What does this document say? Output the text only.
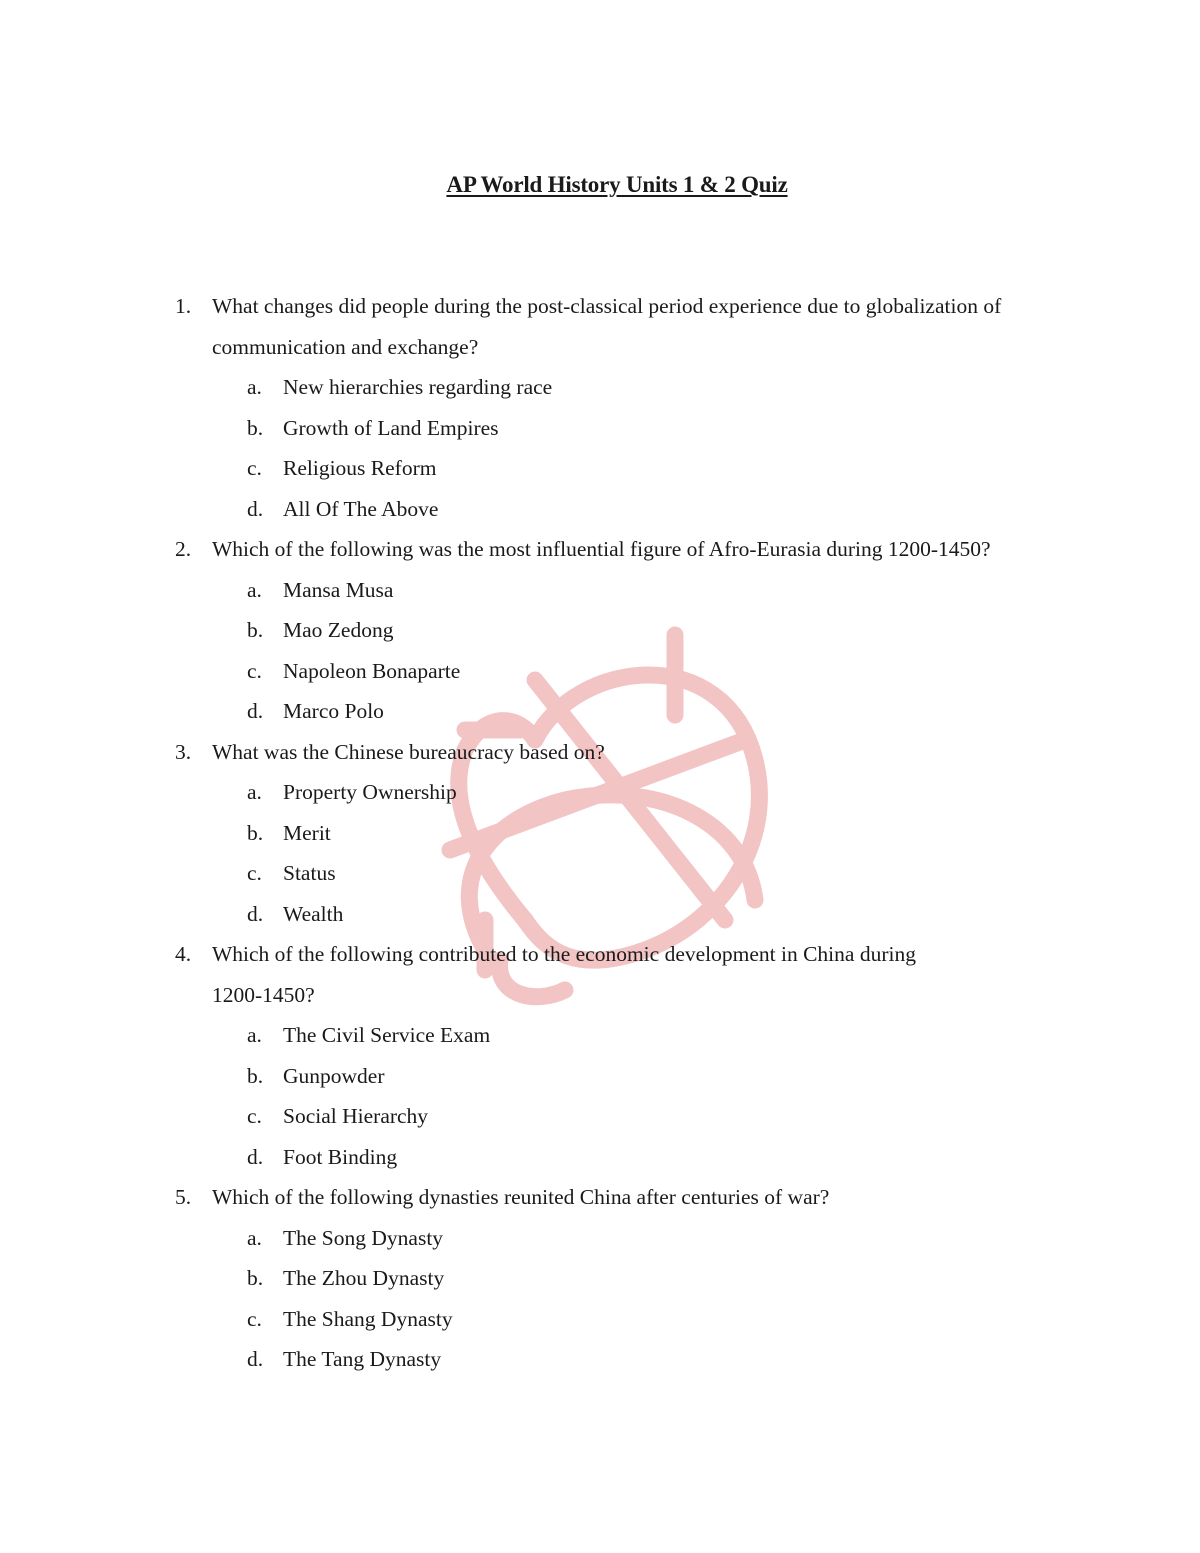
AP World History Units 1 & 2 Quiz
1. What changes did people during the post-classical period experience due to globalization of
communication and exchange?
a. New hierarchies regarding race
b. Growth of Land Empires
c. Religious Reform
d. All Of The Above
2. Which of the following was the most influential figure of Afro-Eurasia during 1200-1450?
a. Mansa Musa
b. Mao Zedong
c. Napoleon Bonaparte
d. Marco Polo
3. What was the Chinese bureaucracy based on?
a. Property Ownership
b. Merit
c. Status
d. Wealth
4. Which of the following contributed to the economic development in China during
1200-1450?
a. The Civil Service Exam
b. Gunpowder
c. Social Hierarchy
d. Foot Binding
5. Which of the following dynasties reunited China after centuries of war?
a. The Song Dynasty
b. The Zhou Dynasty
c. The Shang Dynasty
d. The Tang Dynasty
